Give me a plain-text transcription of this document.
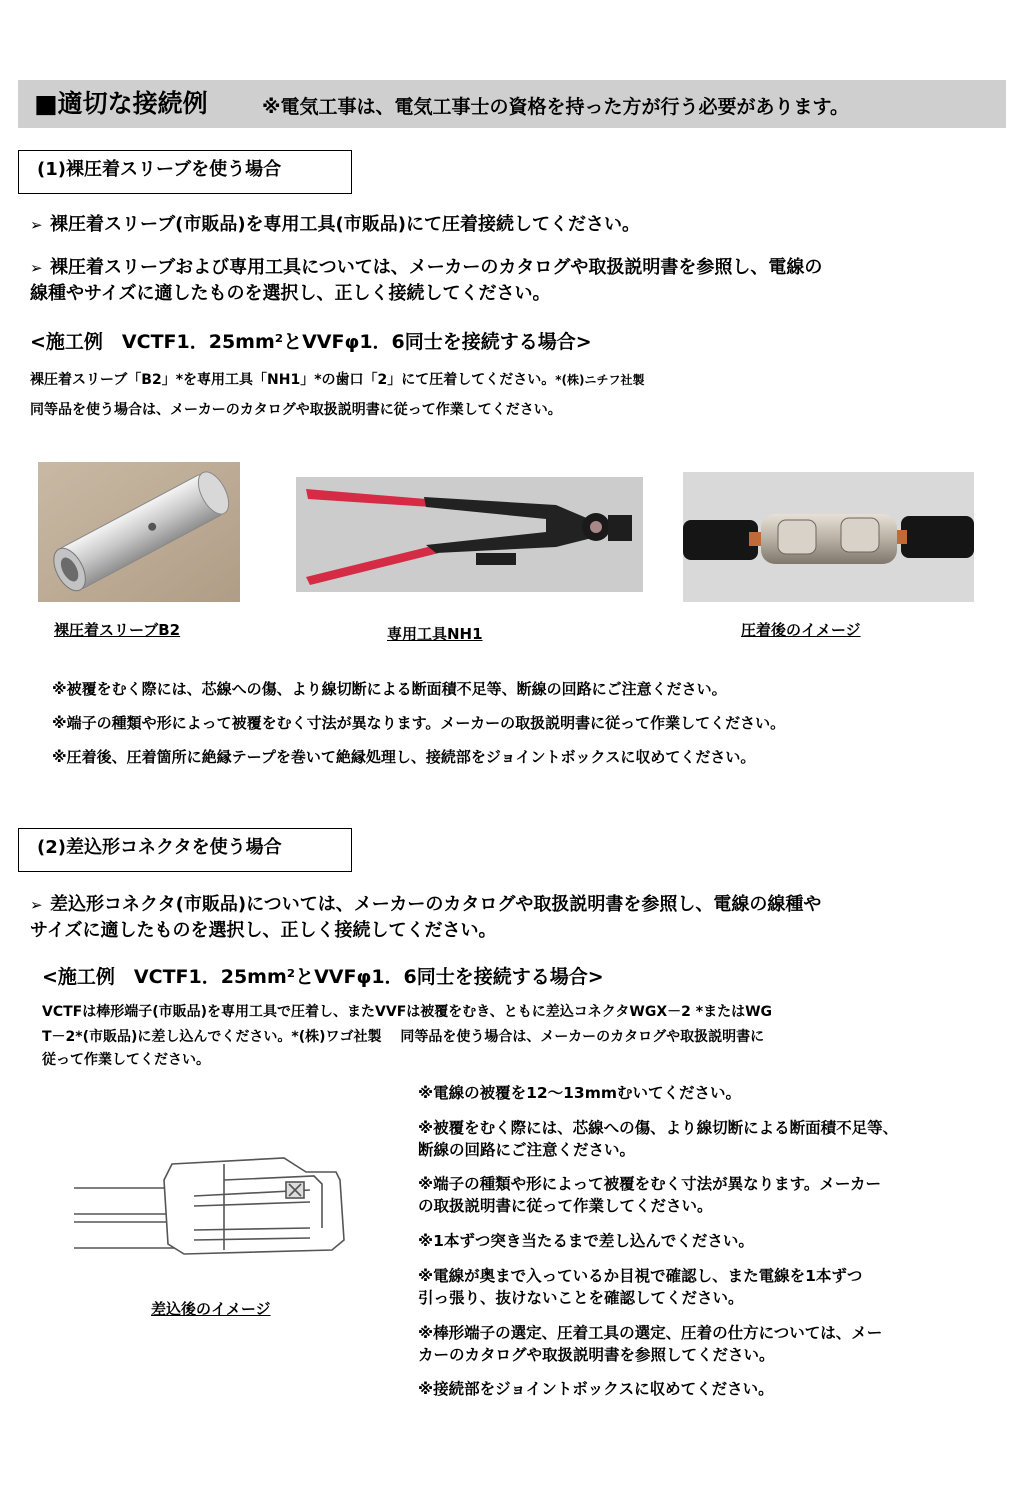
■適切な接続例	※電気工事は、電気工事士の資格を持った方が行う必要があります。
(1)裸圧着スリーブを使う場合
➢ 裸圧着スリーブ(市販品)を専用工具(市販品)にて圧着接続してください。
➢ 裸圧着スリーブおよび専用工具については、メーカーのカタログや取扱説明書を参照し、電線の
線種やサイズに適したものを選択し、正しく接続してください。
<施工例　VCTF1．25mm²とVVFφ1．6同士を接続する場合>
裸圧着スリーブ「B2」*を専用工具「NH1」*の歯口「2」にて圧着してください。*(株)ニチフ社製
同等品を使う場合は、メーカーのカタログや取扱説明書に従って作業してください。
裸圧着スリーブB2	専用工具NH1	圧着後のイメージ
※被覆をむく際には、芯線への傷、より線切断による断面積不足等、断線の回路にご注意ください。
※端子の種類や形によって被覆をむく寸法が異なります。メーカーの取扱説明書に従って作業してください。
※圧着後、圧着箇所に絶縁テープを巻いて絶縁処理し、接続部をジョイントボックスに収めてください。
(2)差込形コネクタを使う場合
➢ 差込形コネクタ(市販品)については、メーカーのカタログや取扱説明書を参照し、電線の線種や
サイズに適したものを選択し、正しく接続してください。
<施工例　VCTF1．25mm²とVVFφ1．6同士を接続する場合>
VCTFは棒形端子(市販品)を専用工具で圧着し、またVVFは被覆をむき、ともに差込コネクタWGX－2 *またはWG
T－2*(市販品)に差し込んでください。*(株)ワゴ社製　 同等品を使う場合は、メーカーのカタログや取扱説明書に
従って作業してください。
差込後のイメージ
※電線の被覆を12～13mmむいてください。
※被覆をむく際には、芯線への傷、より線切断による断面積不足等、
断線の回路にご注意ください。
※端子の種類や形によって被覆をむく寸法が異なります。メーカー
の取扱説明書に従って作業してください。
※1本ずつ突き当たるまで差し込んでください。
※電線が奥まで入っているか目視で確認し、また電線を1本ずつ
引っ張り、抜けないことを確認してください。
※棒形端子の選定、圧着工具の選定、圧着の仕方については、メー
カーのカタログや取扱説明書を参照してください。
※接続部をジョイントボックスに収めてください。
